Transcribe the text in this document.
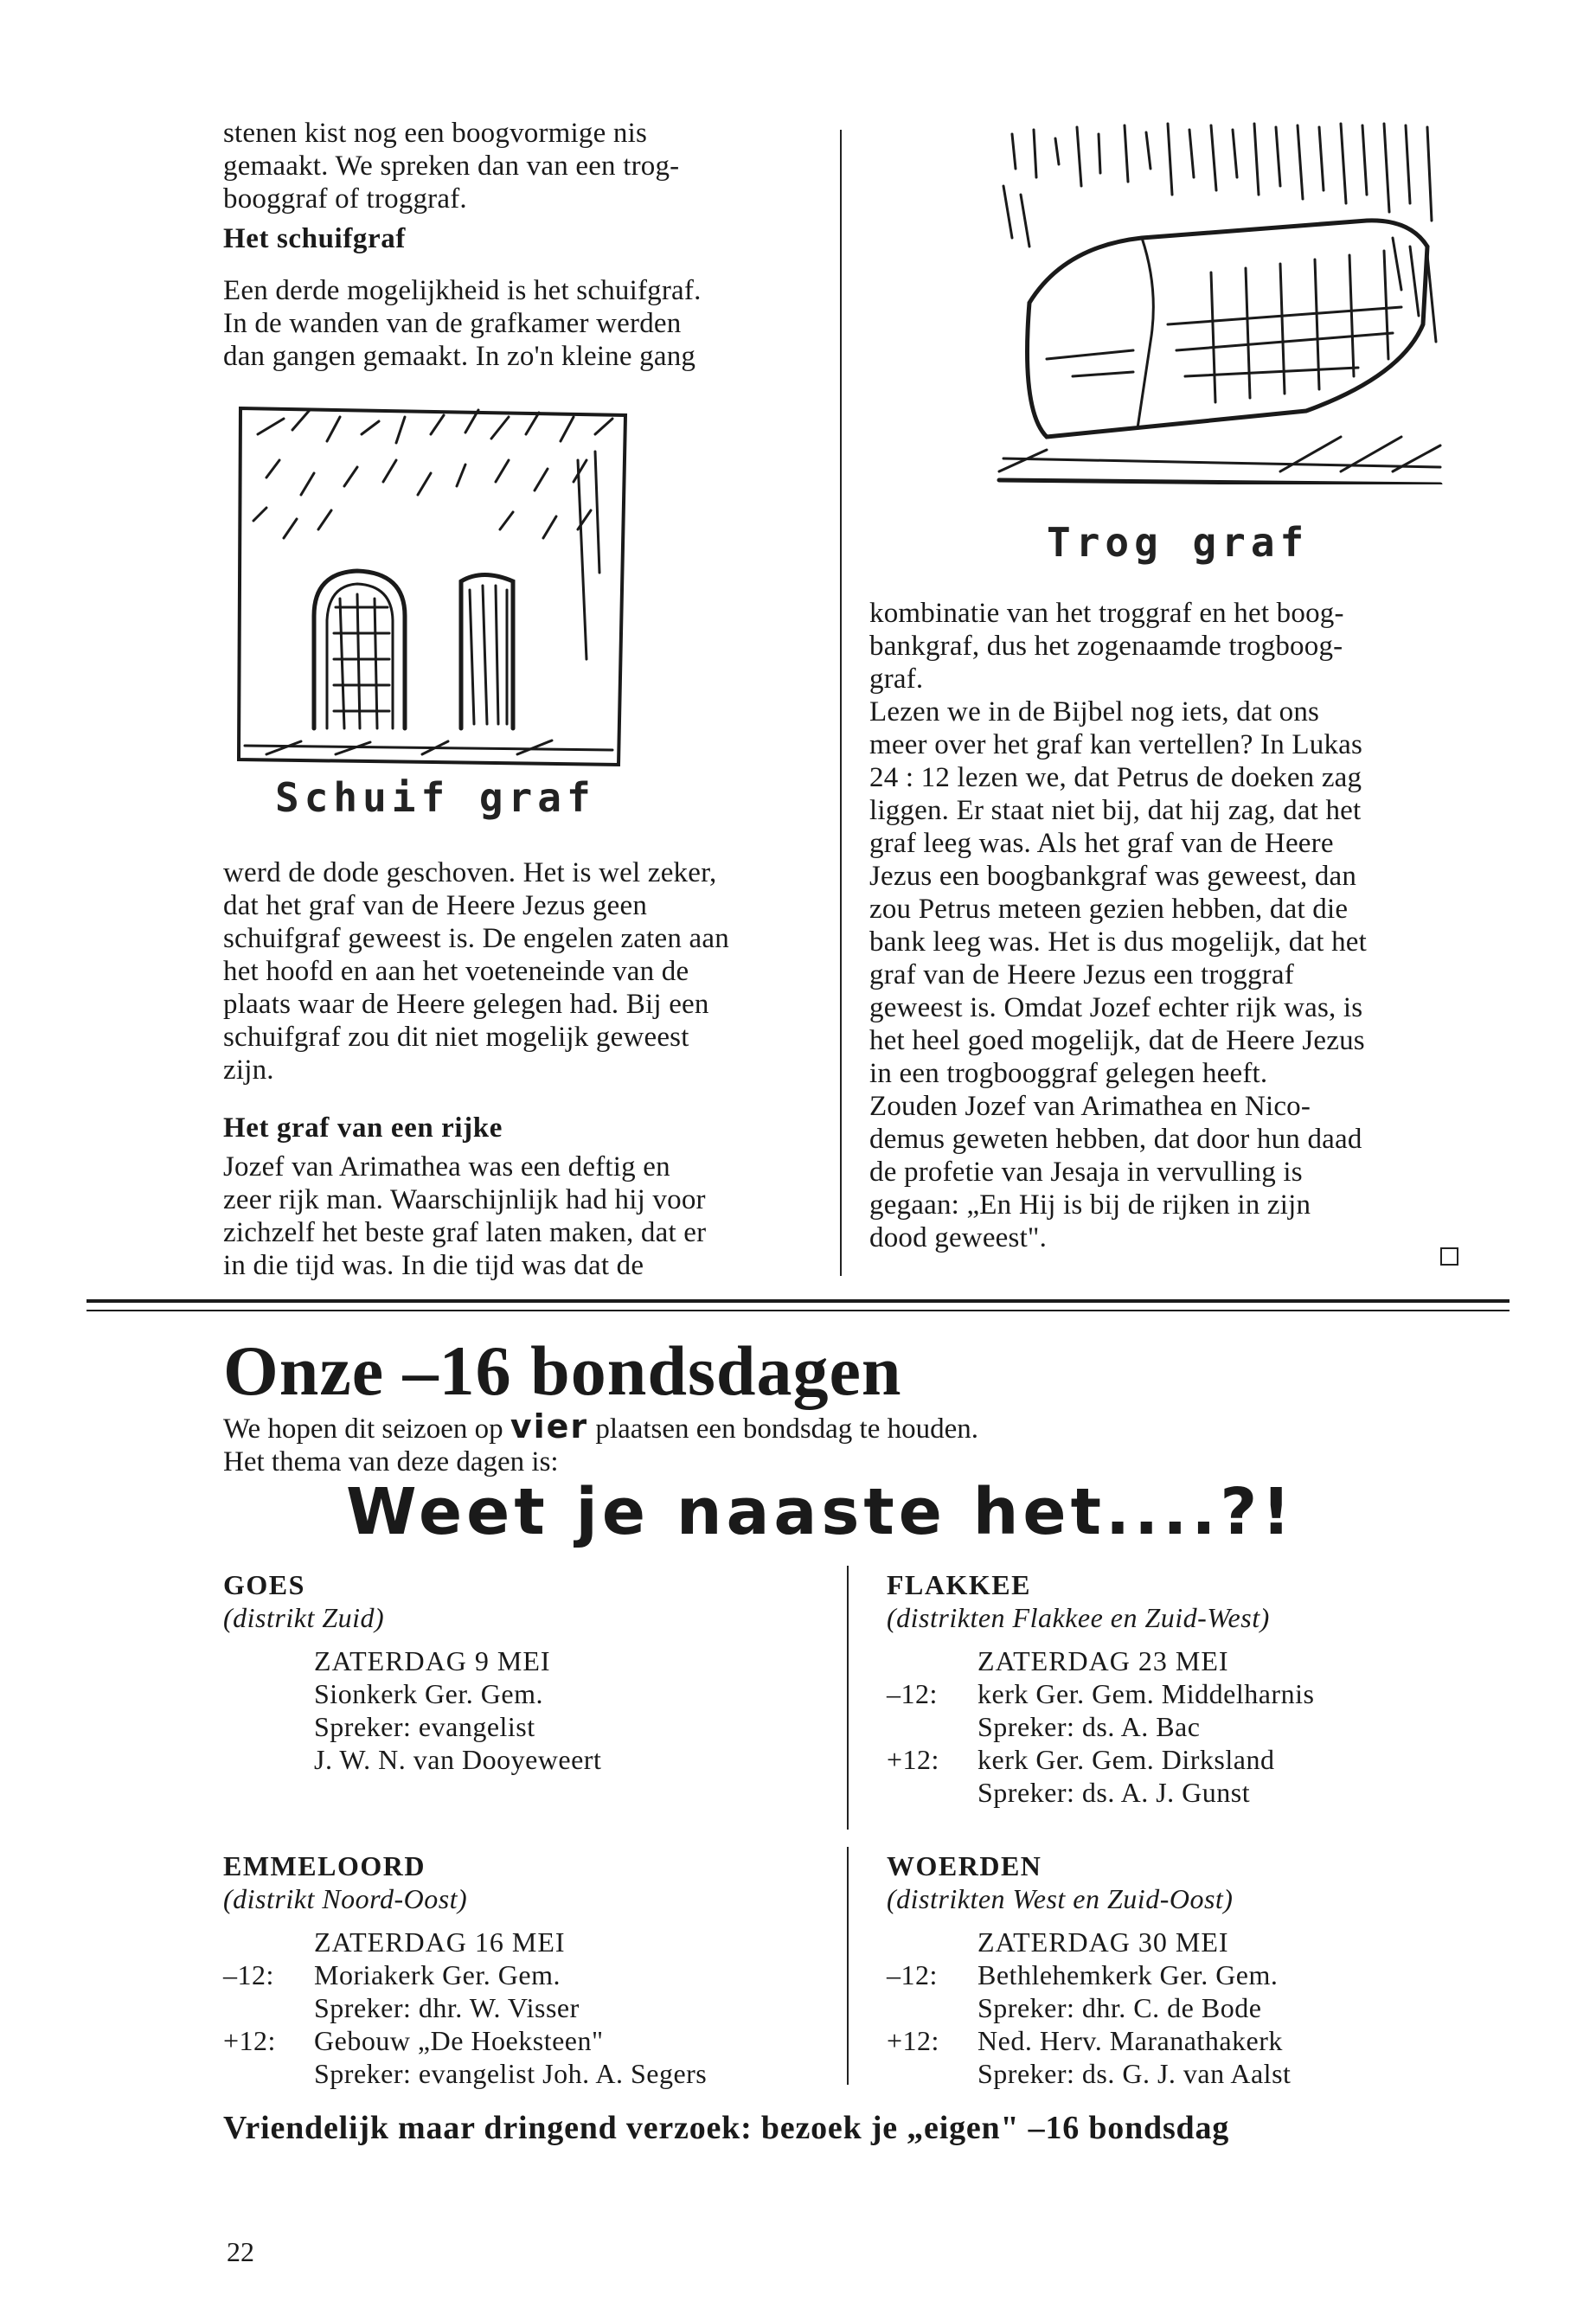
stenen kist nog een boogvormige nis

gemaakt. We spreken dan van een trog-

booggraf of troggraf.

Het schuifgraf

Een derde mogelijkheid is het schuifgraf.

In de wanden van de grafkamer werden

dan gangen gemaakt. In zo'n kleine gang

Schuif graf

werd de dode geschoven. Het is wel zeker,

dat het graf van de Heere Jezus geen

schuifgraf geweest is. De engelen zaten aan

het hoofd en aan het voeteneinde van de

plaats waar de Heere gelegen had. Bij een

schuifgraf zou dit niet mogelijk geweest

zijn.

Het graf van een rijke

Jozef van Arimathea was een deftig en

zeer rijk man. Waarschijnlijk had hij voor

zichzelf het beste graf laten maken, dat er

in die tijd was. In die tijd was dat de

Trog graf

kombinatie van het troggraf en het boog-

bankgraf, dus het zogenaamde trogboog-

graf.

Lezen we in de Bijbel nog iets, dat ons

meer over het graf kan vertellen? In Lukas

24 : 12 lezen we, dat Petrus de doeken zag

liggen. Er staat niet bij, dat hij zag, dat het

graf leeg was. Als het graf van de Heere

Jezus een boogbankgraf was geweest, dan

zou Petrus meteen gezien hebben, dat die

bank leeg was. Het is dus mogelijk, dat het

graf van de Heere Jezus een troggraf

geweest is. Omdat Jozef echter rijk was, is

het heel goed mogelijk, dat de Heere Jezus

in een trogbooggraf gelegen heeft.

Zouden Jozef van Arimathea en Nico-

demus geweten hebben, dat door hun daad

de profetie van Jesaja in vervulling is

gegaan: „En Hij is bij de rijken in zijn

dood geweest".

Onze –16 bondsdagen
We hopen dit seizoen op vier plaatsen een bondsdag te houden.
Het thema van deze dagen is:
Weet je naaste het....?!
GOES
(distrikt Zuid)
ZATERDAG 9 MEI
Sionkerk Ger. Gem.
Spreker: evangelist
J. W. N. van Dooyeweert
FLAKKEE
(distrikten Flakkee en Zuid-West)
ZATERDAG 23 MEI
–12: kerk Ger. Gem. Middelharnis
Spreker: ds. A. Bac
+12: kerk Ger. Gem. Dirksland
Spreker: ds. A. J. Gunst
EMMELOORD
(distrikt Noord-Oost)
ZATERDAG 16 MEI
–12: Moriakerk Ger. Gem.
Spreker: dhr. W. Visser
+12: Gebouw „De Hoeksteen"
Spreker: evangelist Joh. A. Segers
WOERDEN
(distrikten West en Zuid-Oost)
ZATERDAG 30 MEI
–12: Bethlehemkerk Ger. Gem.
Spreker: dhr. C. de Bode
+12: Ned. Herv. Maranathakerk
Spreker: ds. G. J. van Aalst
Vriendelijk maar dringend verzoek: bezoek je „eigen" –16 bondsdag
22
